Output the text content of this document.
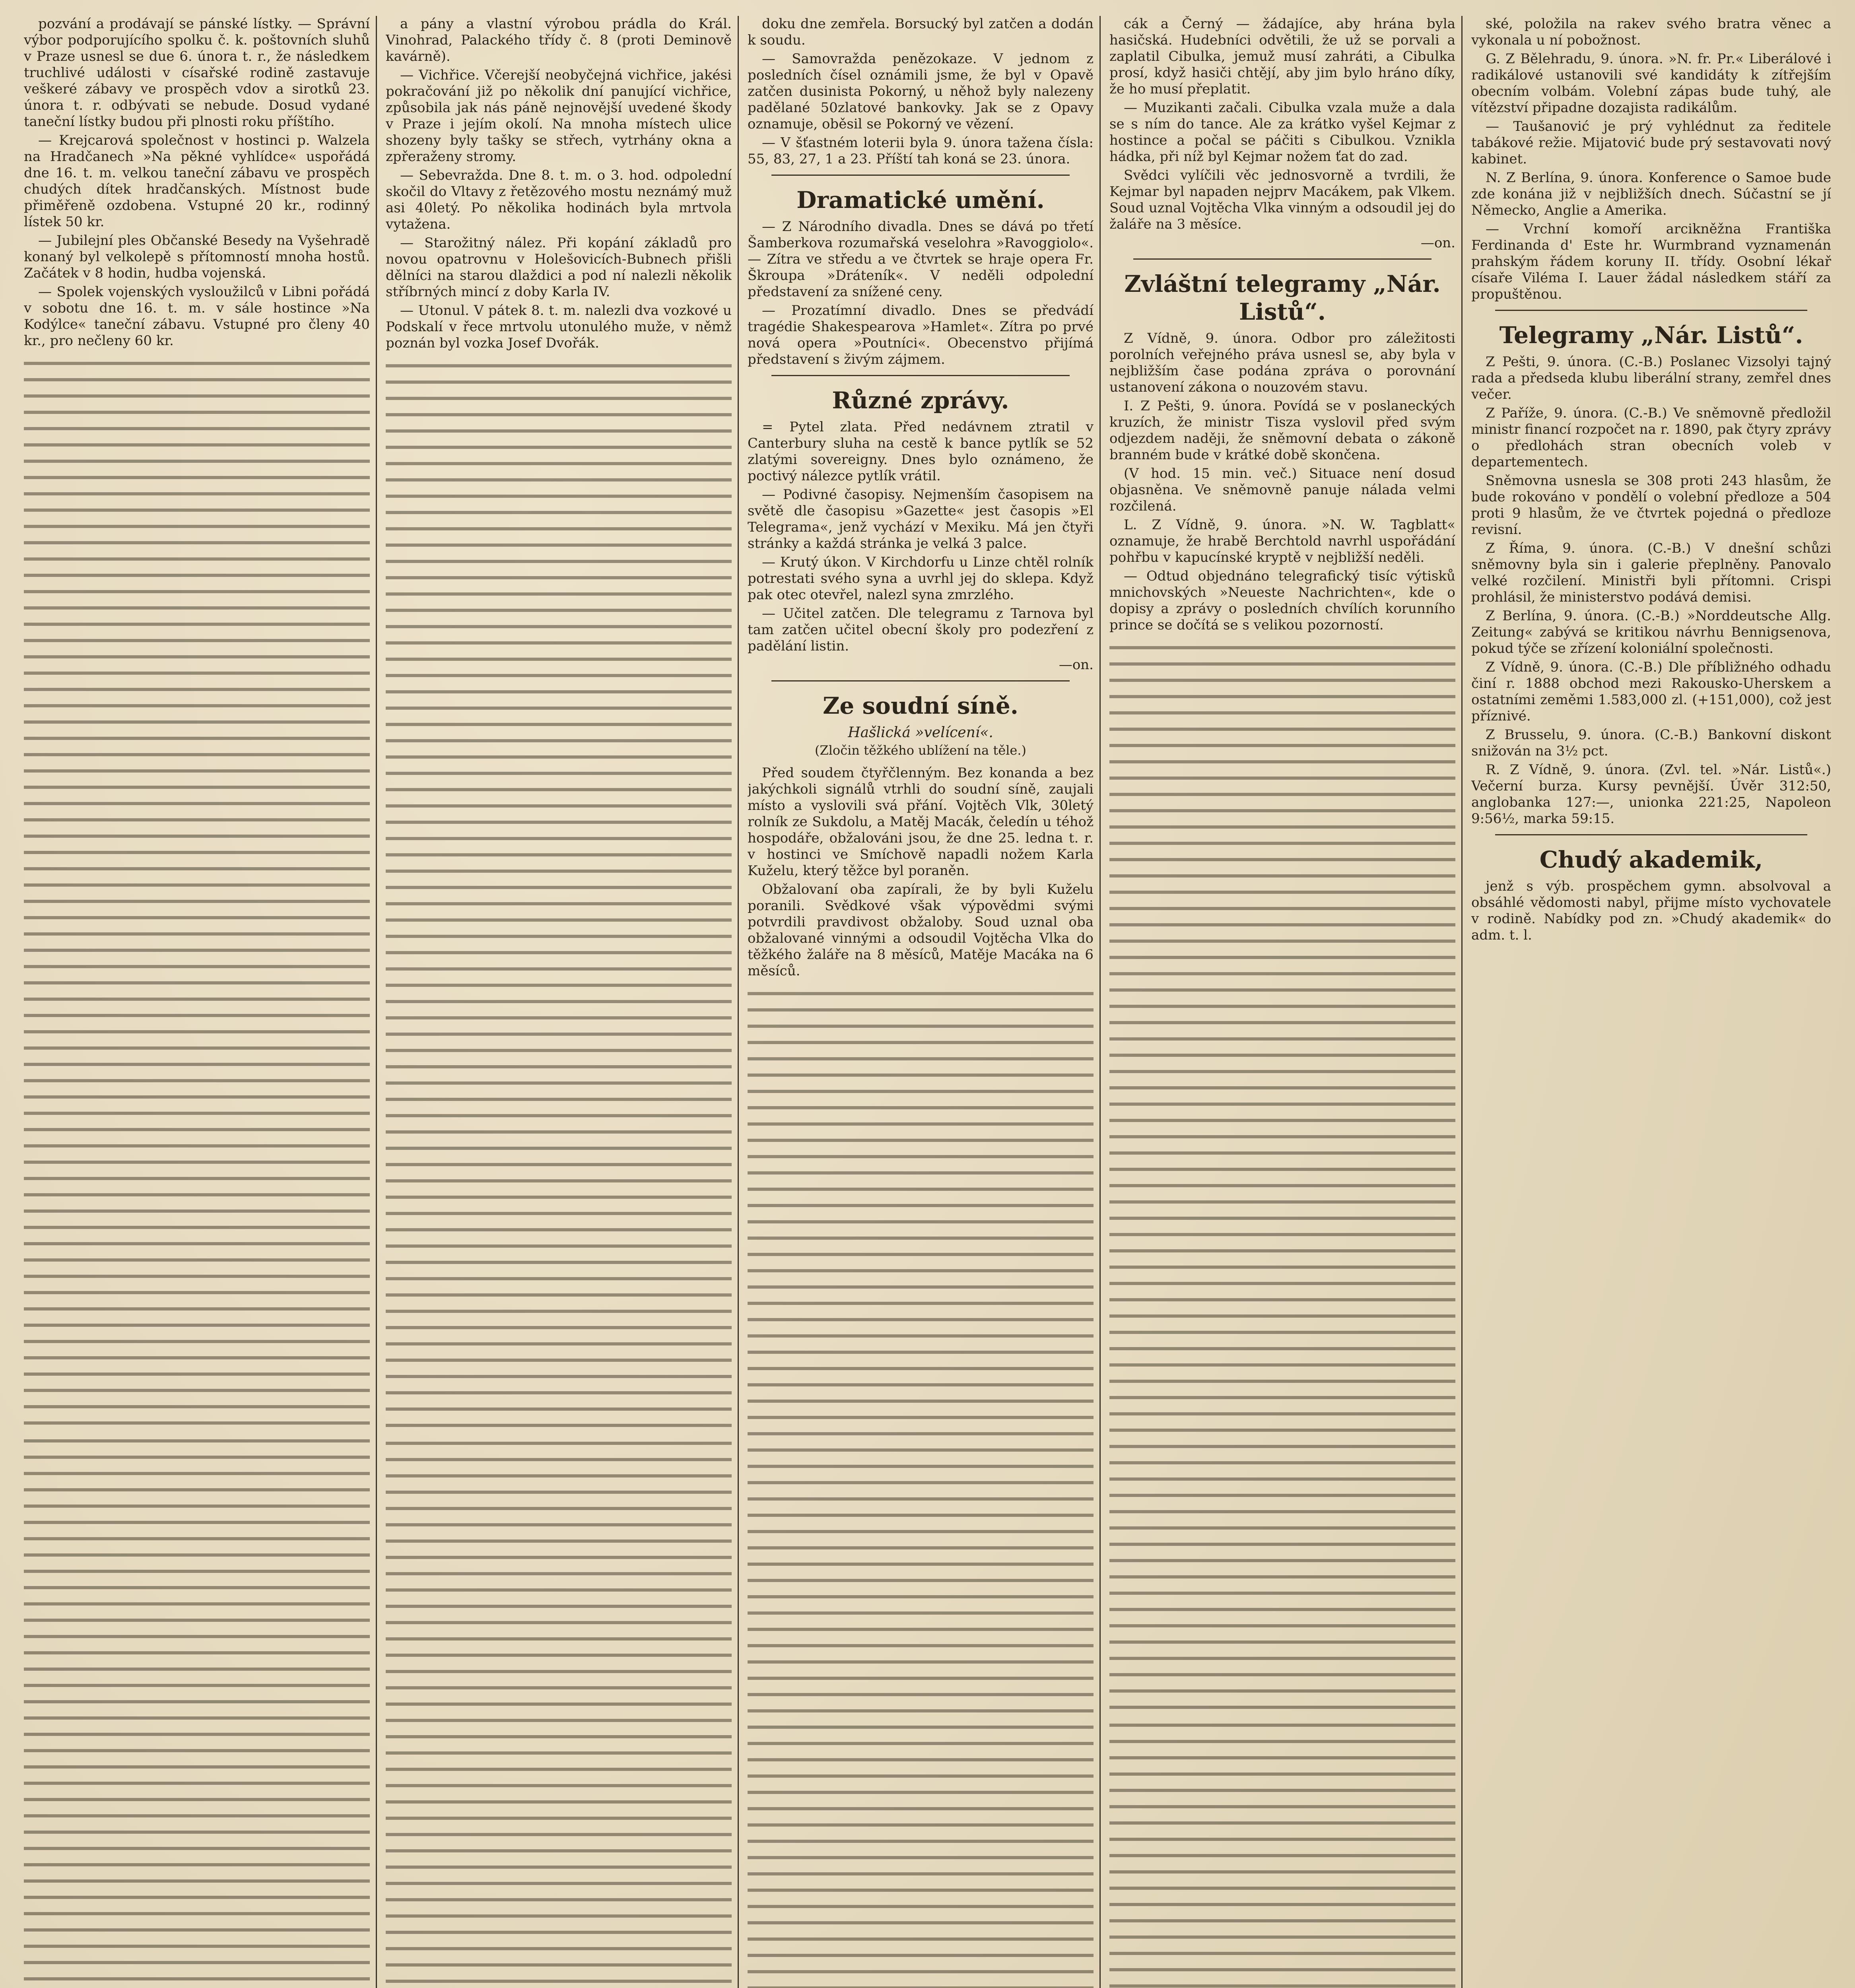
pozvání a prodávají se pánské lístky. — Správní výbor podporujícího spolku č. k. poštovních sluhů v Praze usnesl se due 6. února t. r., že následkem truchlivé události v císařské rodině zastavuje veškeré zábavy ve prospěch vdov a sirotků 23. února t. r. odbývati se nebude. Dosud vydané taneční lístky budou při plnosti roku příštího.

— Krejcarová společnost v hostinci p. Walzela na Hradčanech »Na pěkné vyhlídce« uspořádá dne 16. t. m. velkou taneční zábavu ve prospěch chudých dítek hradčanských. Místnost bude přiměřeně ozdobena. Vstupné 20 kr., rodinný lístek 50 kr.

— Jubilejní ples Občanské Besedy na Vyšehradě konaný byl velkolepě s přítomností mnoha hostů. Začátek v 8 hodin, hudba vojenská.

— Spolek vojenských vysloužilců v Libni pořádá v sobotu dne 16. t. m. v sále hostince »Na Kodýlce« taneční zábavu. Vstupné pro členy 40 kr., pro nečleny 60 kr.

a pány a vlastní výrobou prádla do Král. Vinohrad, Palackého třídy č. 8 (proti Deminově kavárně).

— Vichřice. Včerejší neobyčejná vichřice, jakési pokračování již po několik dní panující vichřice, způsobila jak nás páně nejnovější uvedené škody v Praze i jejím okolí. Na mnoha místech ulice shozeny byly tašky se střech, vytrhány okna a zpřeraženy stromy.

— Sebevražda. Dne 8. t. m. o 3. hod. odpolední skočil do Vltavy z řetězového mostu neznámý muž asi 40letý. Po několika hodinách byla mrtvola vytažena.

— Starožitný nález. Při kopání základů pro novou opatrovnu v Holešovicích-Bubnech přišli dělníci na starou dlaždici a pod ní nalezli několik stříbrných mincí z doby Karla IV.

— Utonul. V pátek 8. t. m. nalezli dva vozkové u Podskalí v řece mrtvolu utonulého muže, v němž poznán byl vozka Josef Dvořák.

doku dne zemřela. Borsucký byl zatčen a dodán k soudu.

— Samovražda penězokaze. V jednom z posledních čísel oznámili jsme, že byl v Opavě zatčen dusinista Pokorný, u něhož byly nalezeny padělané 50zlatové bankovky. Jak se z Opavy oznamuje, oběsil se Pokorný ve vězení.

— V šťastném loterii byla 9. února tažena čísla: 55, 83, 27, 1 a 23. Příští tah koná se 23. února.

Dramatické umění.

— Z Národního divadla. Dnes se dává po třetí Šamberkova rozumařská veselohra »Ravoggiolo«. — Zítra ve středu a ve čtvrtek se hraje opera Fr. Škroupa »Dráteník«. V neděli odpolední představení za snížené ceny.

— Prozatímní divadlo. Dnes se předvádí tragédie Shakespearova »Hamlet«. Zítra po prvé nová opera »Poutníci«. Obecenstvo přijímá představení s živým zájmem.

Různé zprávy.

= Pytel zlata. Před nedávnem ztratil v Canterbury sluha na cestě k bance pytlík se 52 zlatými sovereigny. Dnes bylo oznámeno, že poctivý nálezce pytlík vrátil.

— Podivné časopisy. Nejmenším časopisem na světě dle časopisu »Gazette« jest časopis »El Telegrama«, jenž vychází v Mexiku. Má jen čtyři stránky a každá stránka je velká 3 palce.

— Krutý úkon. V Kirchdorfu u Linze chtěl rolník potrestati svého syna a uvrhl jej do sklepa. Když pak otec otevřel, nalezl syna zmrzlého.

— Učitel zatčen. Dle telegramu z Tarnova byl tam zatčen učitel obecní školy pro podezření z padělání listin.

—on.

Ze soudní síně.

Hašlická »velícení«.

(Zločin těžkého ublížení na těle.)

Před soudem čtyřčlenným. Bez konanda a bez jakýchkoli signálů vtrhli do soudní síně, zaujali místo a vyslovili svá přání. Vojtěch Vlk, 30letý rolník ze Sukdolu, a Matěj Macák, čeledín u téhož hospodáře, obžalováni jsou, že dne 25. ledna t. r. v hostinci ve Smíchově napadli nožem Karla Kuželu, který těžce byl poraněn.

Obžalovaní oba zapírali, že by byli Kuželu poranili. Svědkové však výpovědmi svými potvrdili pravdivost obžaloby. Soud uznal oba obžalované vinnými a odsoudil Vojtěcha Vlka do těžkého žaláře na 8 měsíců, Matěje Macáka na 6 měsíců.

cák a Černý — žádajíce, aby hrána byla hasičská. Hudebníci odvětili, že už se porvali a zaplatil Cibulka, jemuž musí zahráti, a Cibulka prosí, když hasiči chtějí, aby jim bylo hráno díky, že ho musí přeplatit.

— Muzikanti začali. Cibulka vzala muže a dala se s ním do tance. Ale za krátko vyšel Kejmar z hostince a počal se páčiti s Cibulkou. Vznikla hádka, při níž byl Kejmar nožem ťat do zad.

Svědci vylíčili věc jednosvorně a tvrdili, že Kejmar byl napaden nejprv Macákem, pak Vlkem. Soud uznal Vojtěcha Vlka vinným a odsoudil jej do žaláře na 3 měsíce.

—on.

Zvláštní telegramy „Nár. Listů“.

Z Vídně, 9. února. Odbor pro záležitosti porolních veřejného práva usnesl se, aby byla v nejbližším čase podána zpráva o porovnání ustanovení zákona o nouzovém stavu.

I. Z Pešti, 9. února. Povídá se v poslaneckých kruzích, že ministr Tisza vyslovil před svým odjezdem naději, že sněmovní debata o zákoně branném bude v krátké době skončena.

(V hod. 15 min. več.) Situace není dosud objasněna. Ve sněmovně panuje nálada velmi rozčilená.

L. Z Vídně, 9. února. »N. W. Tagblatt« oznamuje, že hrabě Berchtold navrhl uspořádání pohřbu v kapucínské kryptě v nejbližší neděli.

— Odtud objednáno telegrafický tisíc výtisků mnichovských »Neueste Nachrichten«, kde o dopisy a zprávy o posledních chvílích korunního prince se dočítá se s velikou pozorností.

ské, položila na rakev svého bratra věnec a vykonala u ní pobožnost.

G. Z Bělehradu, 9. února. »N. fr. Pr.« Liberálové i radikálové ustanovili své kandidáty k zítřejším obecním volbám. Volební zápas bude tuhý, ale vítězství připadne dozajista radikálům.

— Taušanović je prý vyhlédnut za ředitele tabákové režie. Mijatović bude prý sestavovati nový kabinet.

N. Z Berlína, 9. února. Konference o Samoe bude zde konána již v nejbližších dnech. Súčastní se jí Německo, Anglie a Amerika.

— Vrchní komoří arcikněžna Františka Ferdinanda d' Este hr. Wurmbrand vyznamenán prahským řádem koruny II. třídy. Osobní lékař císaře Viléma I. Lauer žádal následkem stáří za propuštěnou.

Telegramy „Nár. Listů“.

Z Pešti, 9. února. (C.-B.) Poslanec Vizsolyi tajný rada a předseda klubu liberální strany, zemřel dnes večer.

Z Paříže, 9. února. (C.-B.) Ve sněmovně předložil ministr financí rozpočet na r. 1890, pak čtyry zprávy o předlohách stran obecních voleb v departementech.

Sněmovna usnesla se 308 proti 243 hlasům, že bude rokováno v pondělí o volební předloze a 504 proti 9 hlasům, že ve čtvrtek pojedná o předloze revisní.

Z Říma, 9. února. (C.-B.) V dnešní schůzi sněmovny byla sin i galerie přeplněny. Panovalo velké rozčilení. Ministři byli přítomni. Crispi prohlásil, že ministerstvo podává demisi.

Z Berlína, 9. února. (C.-B.) »Norddeutsche Allg. Zeitung« zabývá se kritikou návrhu Bennigsenova, pokud týče se zřízení koloniální společnosti.

Z Vídně, 9. února. (C.-B.) Dle příbližného odhadu činí r. 1888 obchod mezi Rakousko-Uherskem a ostatními zeměmi 1.583,000 zl. (+151,000), což jest příznivé.

Z Brusselu, 9. února. (C.-B.) Bankovní diskont snižován na 3½ pct.

R. Z Vídně, 9. února. (Zvl. tel. »Nár. Listů«.) Večerní burza. Kursy pevnější. Úvěr 312:50, anglobanka 127:—, unionka 221:25, Napoleon 9:56½, marka 59:15.

Chudý akademik,

jenž s výb. prospěchem gymn. absolvoval a obsáhlé vědomosti nabyl, přijme místo vychovatele v rodině. Nabídky pod zn. »Chudý akademik« do adm. t. l.
